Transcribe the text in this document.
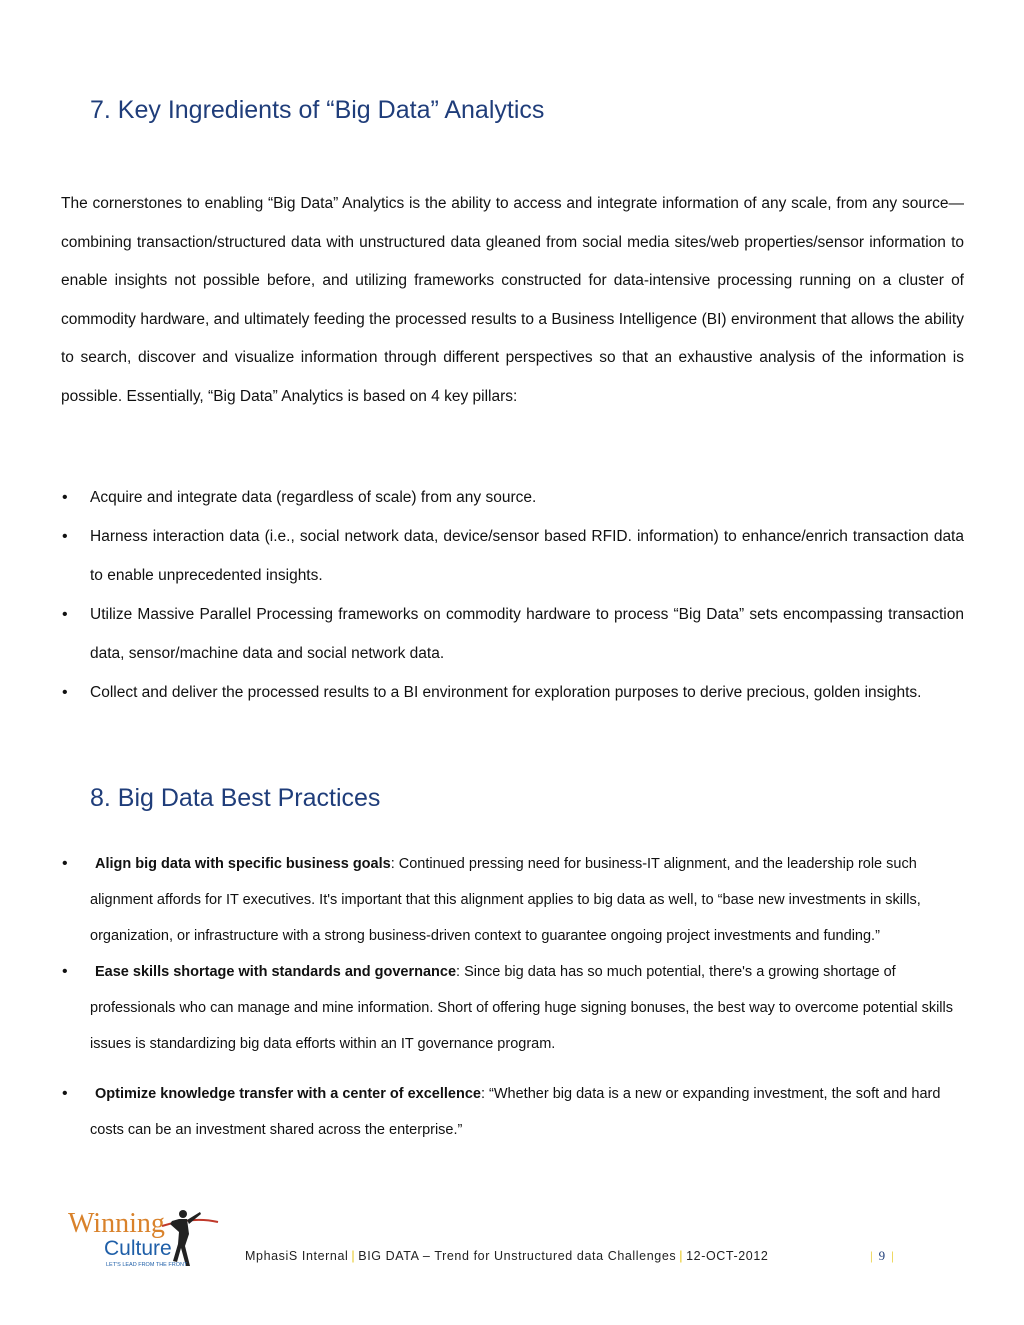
7. Key Ingredients of “Big Data” Analytics

The cornerstones to enabling “Big Data” Analytics is the ability to access and integrate information of any scale, from any source—combining transaction/structured data with unstructured data gleaned from social media sites/web properties/sensor information to enable insights not possible before, and utilizing frameworks constructed for data-intensive processing running on a cluster of commodity hardware, and ultimately feeding the processed results to a Business Intelligence (BI) environment that allows the ability to search, discover and visualize information through different perspectives so that an exhaustive analysis of the information is possible. Essentially, “Big Data” Analytics is based on 4 key pillars:

• Acquire and integrate data (regardless of scale) from any source.
• Harness interaction data (i.e., social network data, device/sensor based RFID. information) to enhance/enrich transaction data to enable unprecedented insights.
• Utilize Massive Parallel Processing frameworks on commodity hardware to process “Big Data” sets encompassing transaction data, sensor/machine data and social network data.
• Collect and deliver the processed results to a BI environment for exploration purposes to derive precious, golden insights.
8. Big Data Best Practices
• Align big data with specific business goals: Continued pressing need for business-IT alignment, and the leadership role such alignment affords for IT executives. It's important that this alignment applies to big data as well, to “base new investments in skills, organization, or infrastructure with a strong business-driven context to guarantee ongoing project investments and funding.”
• Ease skills shortage with standards and governance: Since big data has so much potential, there's a growing shortage of professionals who can manage and mine information. Short of offering huge signing bonuses, the best way to overcome potential skills issues is standardizing big data efforts within an IT governance program.
• Optimize knowledge transfer with a center of excellence: “Whether big data is a new or expanding investment, the soft and hard costs can be an investment shared across the enterprise.”
Winning
Culture
LET'S LEAD FROM THE FRONT
MphasiS Internal | BIG DATA – Trend for Unstructured data Challenges | 12-OCT-2012	| 9 |
